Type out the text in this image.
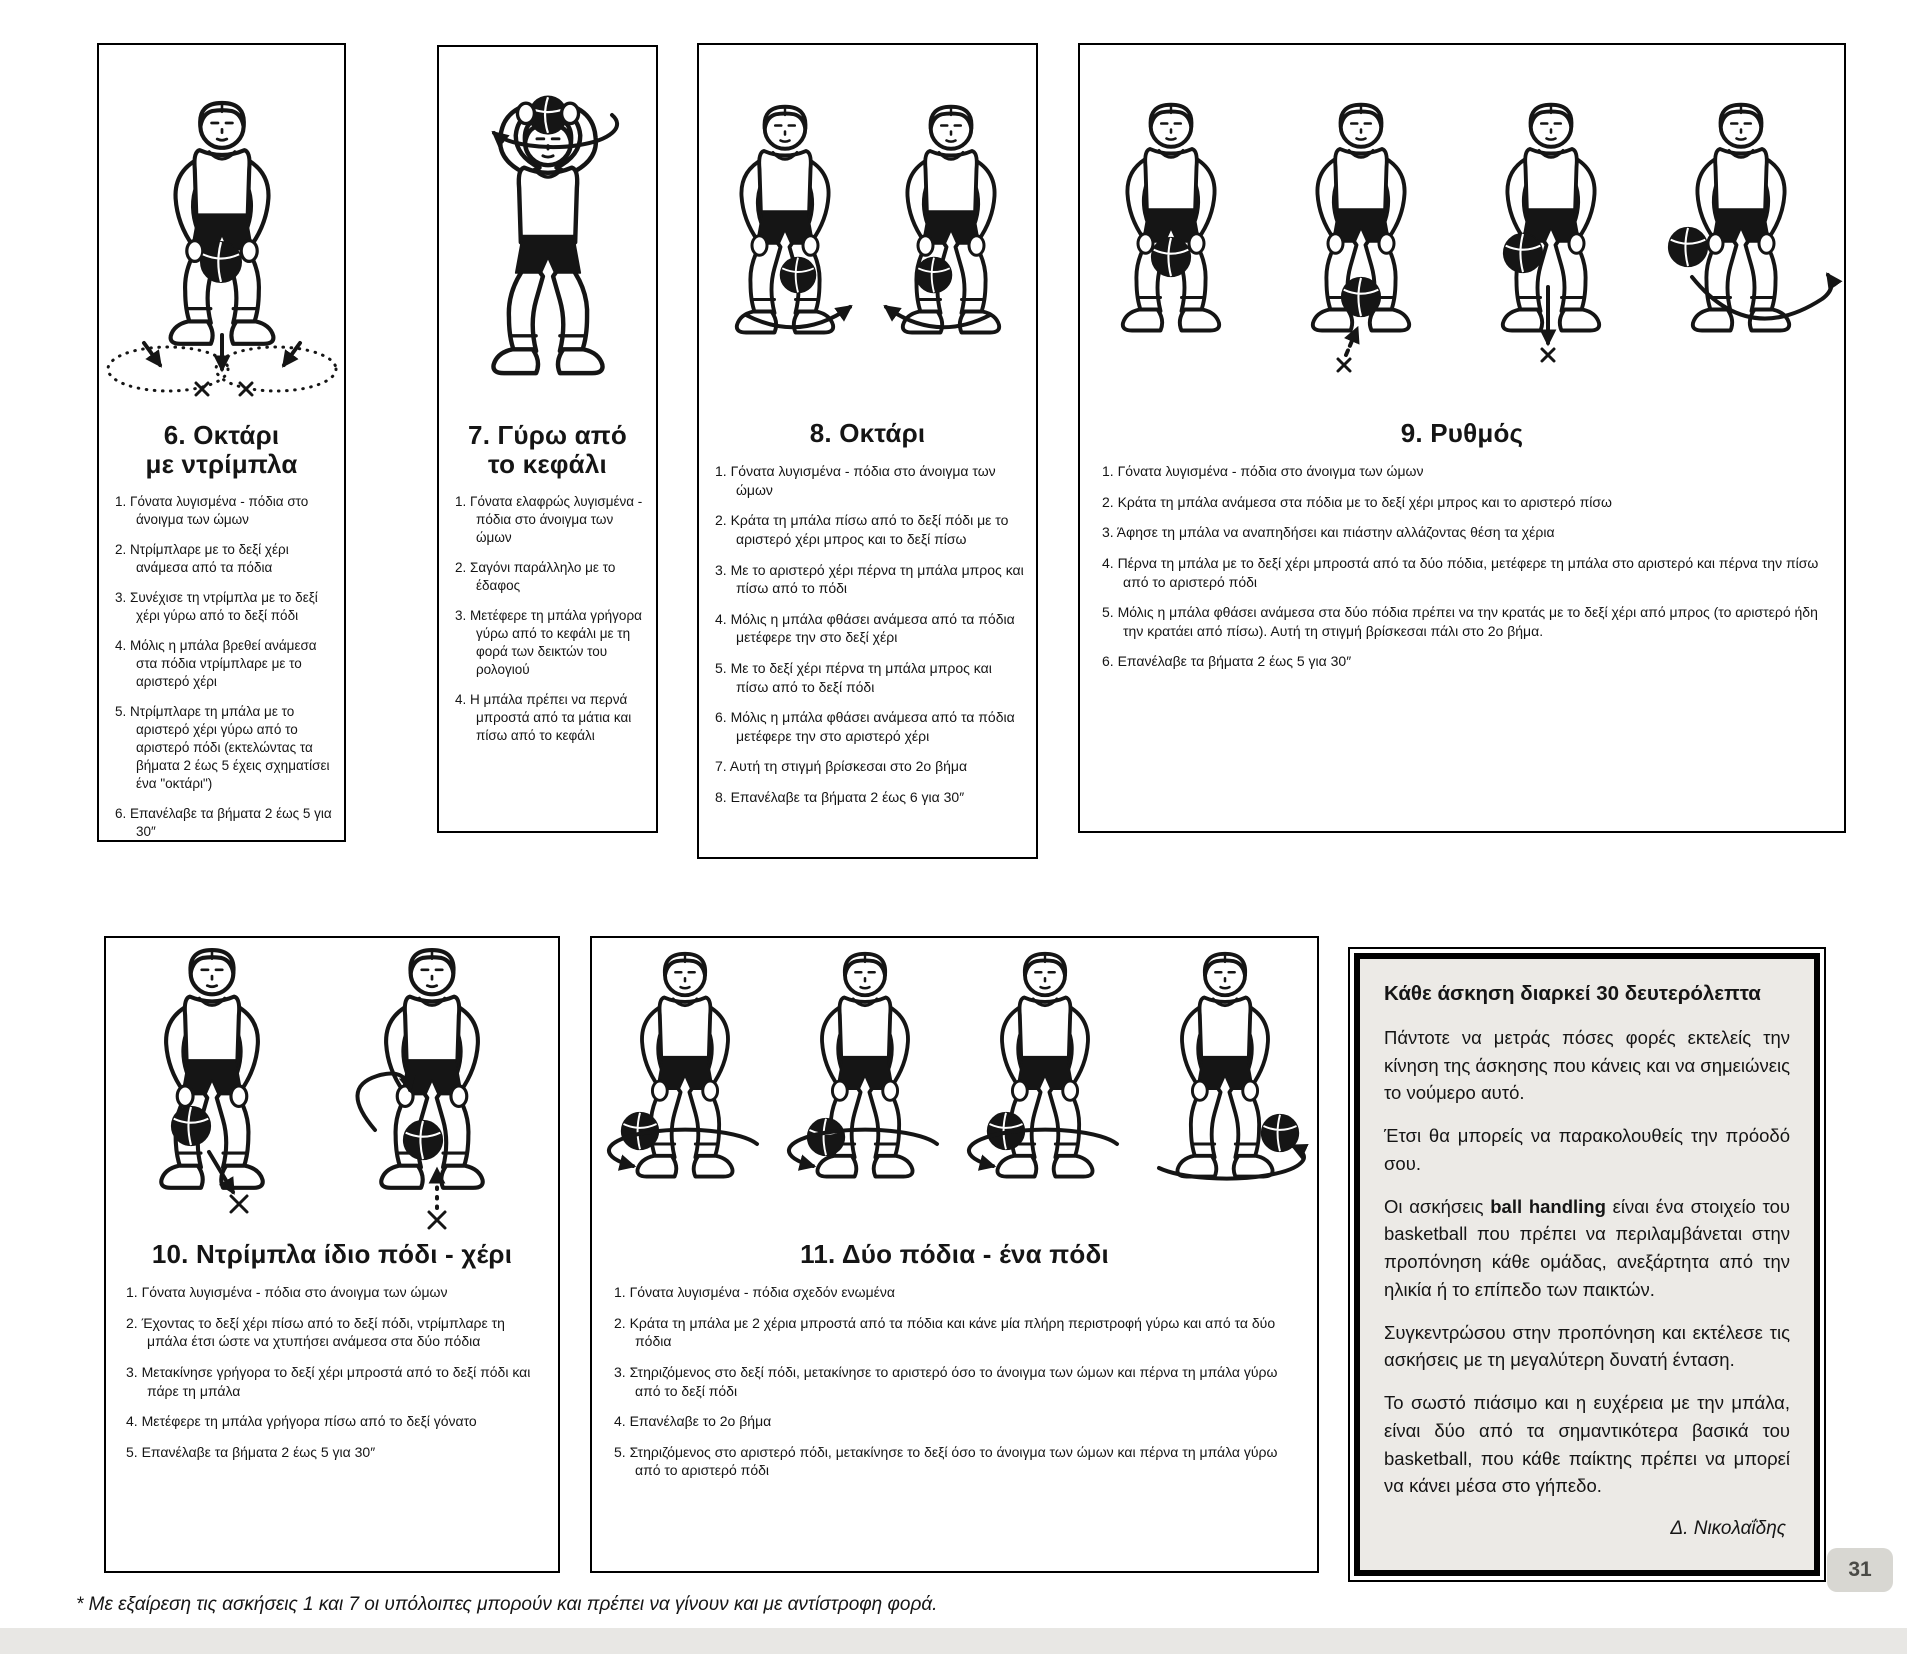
6. Οκτάρι
με ντρίμπλα
1. Γόνατα λυγισμένα - πόδια στο άνοιγμα των ώμων
2. Ντρίμπλαρε με το δεξί χέρι ανάμεσα από τα πόδια
3. Συνέχισε τη ντρίμπλα με το δεξί χέρι γύρω από το δεξί πόδι
4. Μόλις η μπάλα βρεθεί ανάμεσα στα πόδια ντρίμπλαρε με το αριστερό χέρι
5. Ντρίμπλαρε τη μπάλα με το αριστερό χέρι γύρω από το αριστερό πόδι (εκτελώντας τα βήματα 2 έως 5 έχεις σχηματίσει ένα "οκτάρι")
6. Επανέλαβε τα βήματα 2 έως 5 για 30″
7. Γύρω από
το κεφάλι
1. Γόνατα ελαφρώς λυγισμένα - πόδια στο άνοιγμα των ώμων
2. Σαγόνι παράλληλο με το έδαφος
3. Μετέφερε τη μπάλα γρήγορα γύρω από το κεφάλι με τη φορά των δεικτών του ρολογιού
4. Η μπάλα πρέπει να περνά μπροστά από τα μάτια και πίσω από το κεφάλι
8. Οκτάρι
1. Γόνατα λυγισμένα - πόδια στο άνοιγμα των ώμων
2. Κράτα τη μπάλα πίσω από το δεξί πόδι με το αριστερό χέρι μπρος και το δεξί πίσω
3. Με το αριστερό χέρι πέρνα τη μπάλα μπρος και πίσω από το πόδι
4. Μόλις η μπάλα φθάσει ανάμεσα από τα πόδια μετέφερε την στο δεξί χέρι
5. Με το δεξί χέρι πέρνα τη μπάλα μπρος και πίσω από το δεξί πόδι
6. Μόλις η μπάλα φθάσει ανάμεσα από τα πόδια μετέφερε την στο αριστερό χέρι
7. Αυτή τη στιγμή βρίσκεσαι στο 2ο βήμα
8. Επανέλαβε τα βήματα 2 έως 6 για 30″
9. Ρυθμός
1. Γόνατα λυγισμένα - πόδια στο άνοιγμα των ώμων
2. Κράτα τη μπάλα ανάμεσα στα πόδια με το δεξί χέρι μπρος και το αριστερό πίσω
3. Άφησε τη μπάλα να αναπηδήσει και πιάστην αλλάζοντας θέση τα χέρια
4. Πέρνα τη μπάλα με το δεξί χέρι μπροστά από τα δύο πόδια, μετέφερε τη μπάλα στο αριστερό και πέρνα την πίσω από το αριστερό πόδι
5. Μόλις η μπάλα φθάσει ανάμεσα στα δύο πόδια πρέπει να την κρατάς με το δεξί χέρι από μπρος (το αριστερό ήδη την κρατάει από πίσω). Αυτή τη στιγμή βρίσκεσαι πάλι στο 2ο βήμα.
6. Επανέλαβε τα βήματα 2 έως 5 για 30″
10. Ντρίμπλα ίδιο πόδι - χέρι
1. Γόνατα λυγισμένα - πόδια στο άνοιγμα των ώμων
2. Έχοντας το δεξί χέρι πίσω από το δεξί πόδι, ντρίμπλαρε τη μπάλα έτσι ώστε να χτυπήσει ανάμεσα στα δύο πόδια
3. Μετακίνησε γρήγορα το δεξί χέρι μπροστά από το δεξί πόδι και πάρε τη μπάλα
4. Μετέφερε τη μπάλα γρήγορα πίσω από το δεξί γόνατο
5. Επανέλαβε τα βήματα 2 έως 5 για 30″
11. Δύο πόδια - ένα πόδι
1. Γόνατα λυγισμένα - πόδια σχεδόν ενωμένα
2. Κράτα τη μπάλα με 2 χέρια μπροστά από τα πόδια και κάνε μία πλήρη περιστροφή γύρω και από τα δύο πόδια
3. Στηριζόμενος στο δεξί πόδι, μετακίνησε το αριστερό όσο το άνοιγμα των ώμων και πέρνα τη μπάλα γύρω από το δεξί πόδι
4. Επανέλαβε το 2ο βήμα
5. Στηριζόμενος στο αριστερό πόδι, μετακίνησε το δεξί όσο το άνοιγμα των ώμων και πέρνα τη μπάλα γύρω από το αριστερό πόδι
Κάθε άσκηση διαρκεί 30 δευτερόλεπτα

Πάντοτε να μετράς πόσες φορές εκτελείς την κίνηση της άσκησης που κάνεις και να σημειώνεις το νούμερο αυτό.

Έτσι θα μπορείς να παρακολουθείς την πρόοδό σου.

Οι ασκήσεις ball handling είναι ένα στοιχείο του basketball που πρέπει να περιλαμβάνεται στην προπόνηση κάθε ομάδας, ανεξάρτητα από την ηλικία ή το επίπεδο των παικτών.

Συγκεντρώσου στην προπόνηση και εκτέλεσε τις ασκήσεις με τη μεγαλύτερη δυνατή ένταση.

Το σωστό πιάσιμο και η ευχέρεια με την μπάλα, είναι δύο από τα σημαντικότερα βασικά του basketball, που κάθε παίκτης πρέπει να μπορεί να κάνει μέσα στο γήπεδο.

Δ. Νικολαΐδης
* Με εξαίρεση τις ασκήσεις 1 και 7 οι υπόλοιπες μπορούν και πρέπει να γίνουν και με αντίστροφη φορά.
31
